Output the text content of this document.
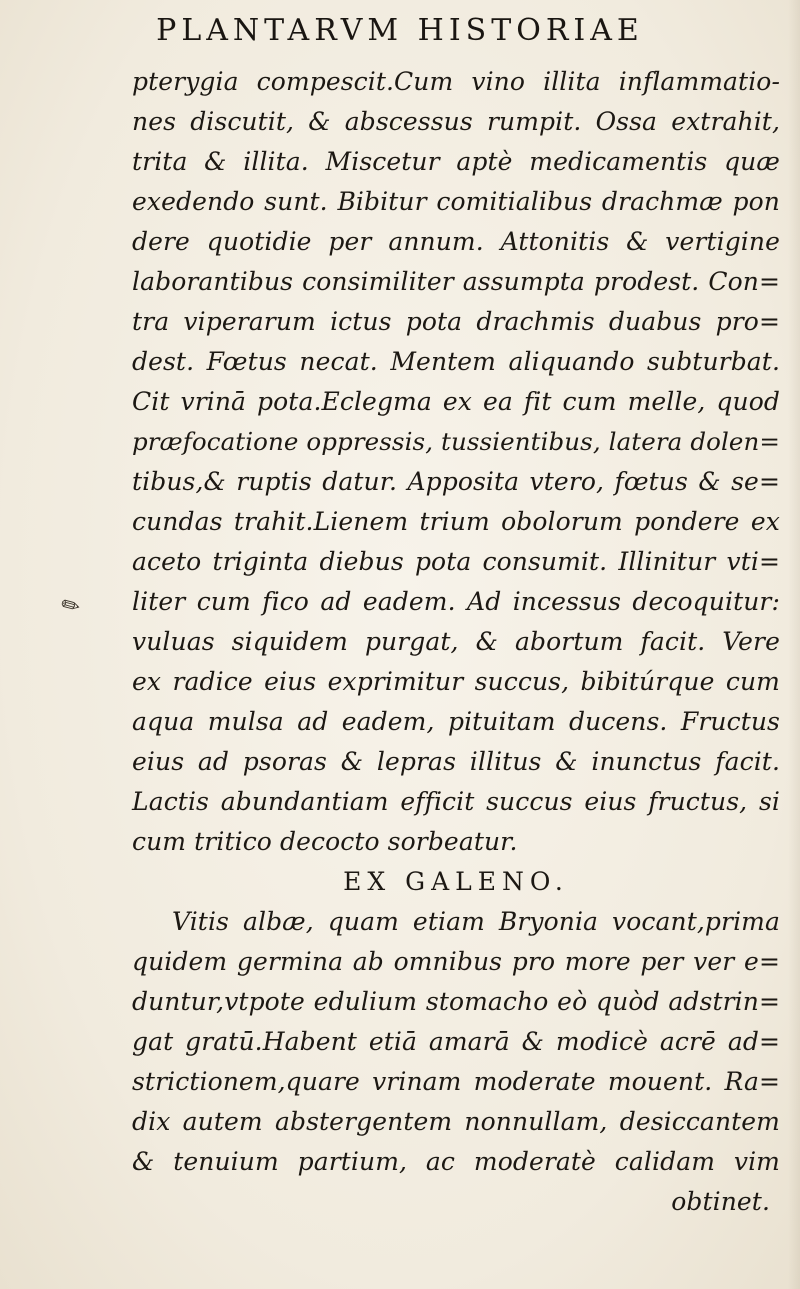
PLANTARVM HISTORIAE
✎
pterygia compescit.Cum vino illita inflammatio-
nes discutit, & abscessus rumpit. Ossa extrahit,
trita & illita. Miscetur aptè medicamentis quæ
exedendo sunt. Bibitur comitialibus drachmæ pon
dere quotidie per annum. Attonitis & vertigine
laborantibus consimiliter assumpta prodest. Con=
tra viperarum ictus pota drachmis duabus pro=
dest. Fœtus necat. Mentem aliquando subturbat.
Cit vrinā pota.Eclegma ex ea fit cum melle, quod
præfocatione oppressis, tussientibus, latera dolen=
tibus,& ruptis datur. Apposita vtero, fœtus & se=
cundas trahit.Lienem trium obolorum pondere ex
aceto triginta diebus pota consumit. Illinitur vti=
liter cum fico ad eadem. Ad incessus decoquitur:
vuluas siquidem purgat, & abortum facit. Vere
ex radice eius exprimitur succus, bibitúrque cum
aqua mulsa ad eadem, pituitam ducens. Fructus
eius ad psoras & lepras illitus & inunctus facit.
Lactis abundantiam efficit succus eius fructus, si
cum tritico decocto sorbeatur.
EX GALENO.
Vitis albæ, quam etiam Bryonia vocant,prima
quidem germina ab omnibus pro more per ver e=
duntur,vtpote edulium stomacho eò quòd adstrin=
gat gratū.Habent etiā amarā & modicè acrē ad=
strictionem,quare vrinam moderate mouent. Ra=
dix autem abstergentem nonnullam, desiccantem
& tenuium partium, ac moderatè calidam vim
obtinet.
